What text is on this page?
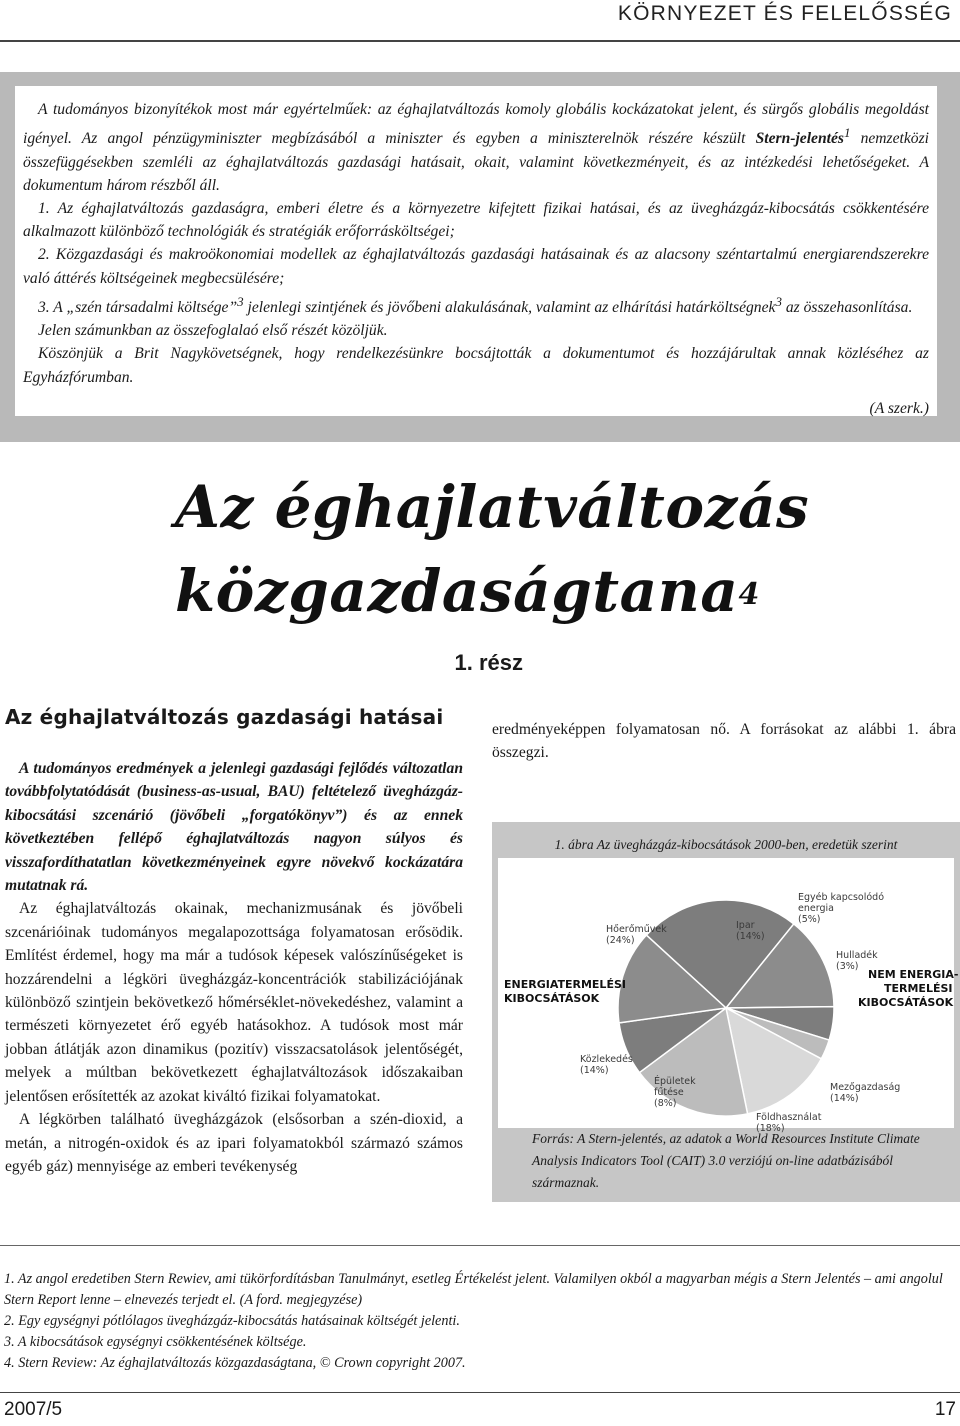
KÖRNYEZET ÉS FELELŐSSÉG

A tudományos bizonyítékok most már egyértelműek: az éghajlatváltozás komoly globális kockázatokat jelent, és sürgős globális megoldást igényel. Az angol pénzügyminiszter megbízásából a miniszter és egyben a miniszterelnök részére készült Stern-jelentés$^1$ nemzetközi összefüggésekben szemléli az éghajlatváltozás gazdasági hatásait, okait, valamint következményeit, és az intézkedési lehetőségeket. A dokumentum három részből áll.

1. Az éghajlatváltozás gazdaságra, emberi életre és a környezetre kifejtett fizikai hatásai, és az üvegházgáz-kibocsátás csökkentésére alkalmazott különböző technológiák és stratégiák erőforrásköltségei;

2. Közgazdasági és makroökonomiai modellek az éghajlatváltozás gazdasági hatásainak és az alacsony széntartalmú energiarendszerekre való áttérés költségeinek megbecsülésére;

3. A „szén társadalmi költsége”$^3$ jelenlegi szintjének és jövőbeni alakulásának, valamint az elhárítási határköltségnek$^3$ az összehasonlítása.

Jelen számunkban az összefoglalaó első részét közöljük.

Köszönjük a Brit Nagykövetségnek, hogy rendelkezésünkre bocsájtották a dokumentumot és hozzájárultak annak közléséhez az Egyházfórumban.

(A szerk.)

Az éghajlatváltozás
közgazdaságtana$^4$
1. rész
Az éghajlatváltozás gazdasági hatásai

A tudományos eredmények a jelenlegi gazdasági fejlődés változatlan továbbfolytatódását (business-as-usual, BAU) feltételező üvegházgáz-kibocsátási szcenárió (jövőbeli „forgatókönyv”) és az ennek következtében fellépő éghajlatváltozás nagyon súlyos és visszafordíthatatlan következményeinek egyre növekvő kockázatára mutatnak rá.

Az éghajlatváltozás okainak, mechanizmusának és jövőbeli szcenárióinak tudományos megalapozottsága folyamatosan erősödik. Említést érdemel, hogy ma már a tudósok képesek valószínűségeket is hozzárendelni a légköri üvegházgáz-koncentrációk stabilizációjának különböző szintjein bekövetkező hőmérséklet-növekedéshez, valamint a természeti környezetet érő egyéb hatásokhoz. A tudósok most már jobban átlátják azon dinamikus (pozitív) visszacsatolások jelentőségét, melyek a múltban bekövetkezett éghajlatváltozások időszakaiban jelentősen erősítették az azokat kiváltó fizikai folyamatokat.

A légkörben található üvegházgázok (elsősorban a szén-dioxid, a metán, a nitrogén-oxidok és az ipari folyamatokból származó számos egyéb gáz) mennyisége az emberi tevékenység

eredményeképpen folyamatosan nő. A forrásokat az alábbi 1. ábra összegzi.

1. ábra Az üvegházgáz-kibocsátások 2000-ben, eredetük szerint
Hőerőművek
(24%)
Ipar
(14%)
Egyéb kapcsolódó
energia
(5%)
Hulladék
(3%)
Mezőgazdaság
(14%)
Földhasználat
(18%)
Épületek
fűtése
(8%)
Közlekedés
(14%)
ENERGIATERMELÉSI
KIBOCSÁTÁSOK
NEM ENERGIA-
TERMELÉSI
KIBOCSÁTÁSOK
Forrás: A Stern-jelentés, az adatok a World Resources Institute Climate Analysis Indicators Tool (CAIT) 3.0 verziójú on-line adatbázisából származnak.

1. Az angol eredetiben Stern Rewiev, ami tükörfordításban Tanulmányt, esetleg Értékelést jelent. Valamilyen okból a magyarban mégis a Stern Jelentés – ami angolul Stern Report lenne – elnevezés terjedt el. (A ford. megjegyzése)

2. Egy egységnyi pótlólagos üvegházgáz-kibocsátás hatásainak költségét jelenti.

3. A kibocsátások egységnyi csökkentésének költsége.

4. Stern Review: Az éghajlatváltozás közgazdaságtana, © Crown copyright 2007.

2007/5	17
